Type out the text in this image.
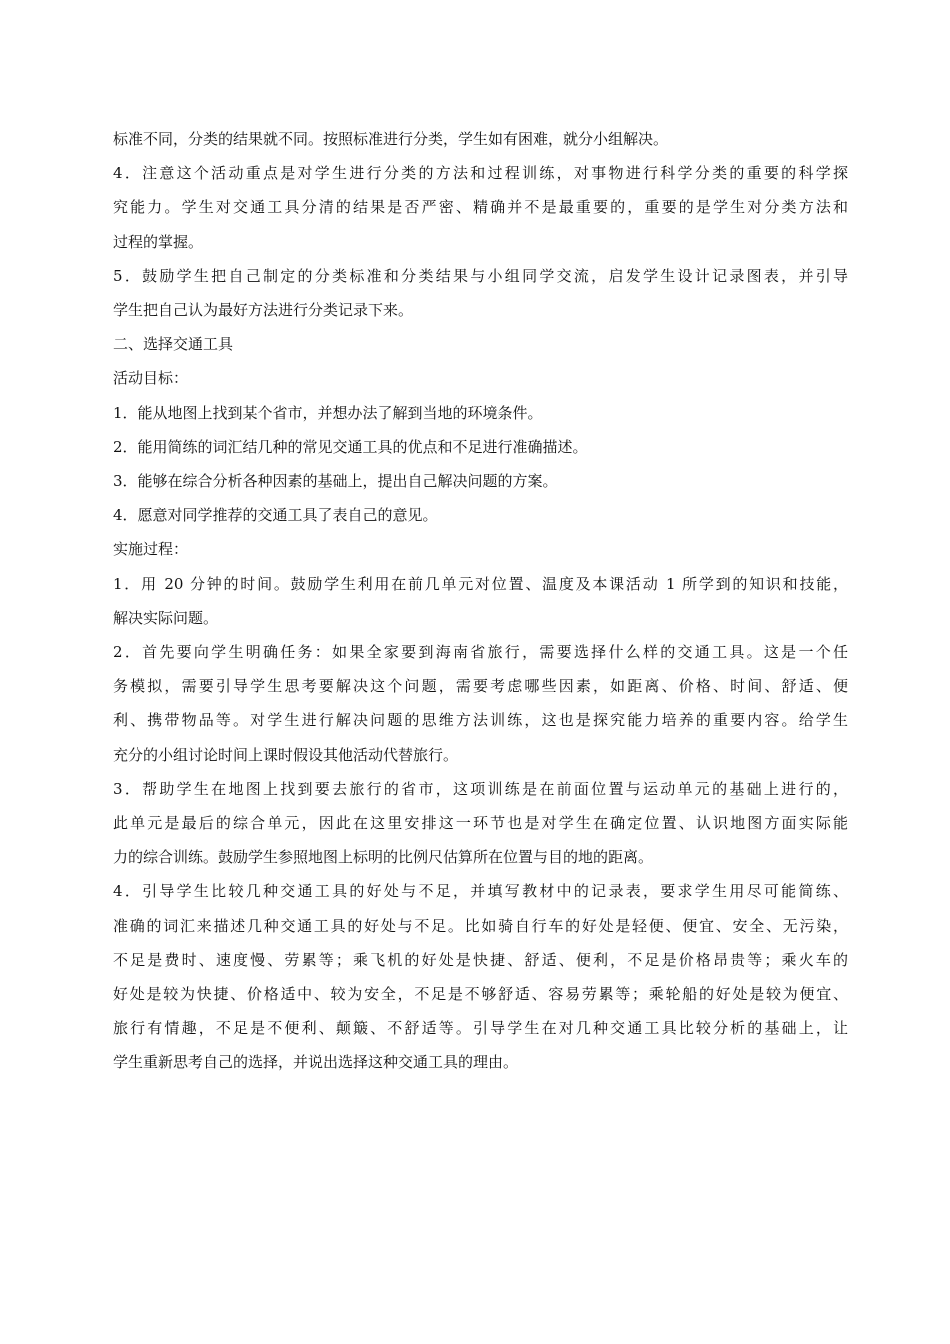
标准不同，分类的结果就不同。按照标准进行分类，学生如有困难，就分小组解决。
4．注意这个活动重点是对学生进行分类的方法和过程训练，对事物进行科学分类的重要的科学探
究能力。学生对交通工具分清的结果是否严密、精确并不是最重要的，重要的是学生对分类方法和
过程的掌握。
5．鼓励学生把自己制定的分类标准和分类结果与小组同学交流，启发学生设计记录图表，并引导
学生把自己认为最好方法进行分类记录下来。
二、选择交通工具
活动目标：
1．能从地图上找到某个省市，并想办法了解到当地的环境条件。
2．能用简练的词汇结几种的常见交通工具的优点和不足进行准确描述。
3．能够在综合分析各种因素的基础上，提出自己解决问题的方案。
4．愿意对同学推荐的交通工具了表自己的意见。
实施过程：
1．用 20 分钟的时间。鼓励学生利用在前几单元对位置、温度及本课活动 1 所学到的知识和技能，
解决实际问题。
2．首先要向学生明确任务：如果全家要到海南省旅行，需要选择什么样的交通工具。这是一个任
务模拟，需要引导学生思考要解决这个问题，需要考虑哪些因素，如距离、价格、时间、舒适、便
利、携带物品等。对学生进行解决问题的思维方法训练，这也是探究能力培养的重要内容。给学生
充分的小组讨论时间上课时假设其他活动代替旅行。
3．帮助学生在地图上找到要去旅行的省市，这项训练是在前面位置与运动单元的基础上进行的，
此单元是最后的综合单元，因此在这里安排这一环节也是对学生在确定位置、认识地图方面实际能
力的综合训练。鼓励学生参照地图上标明的比例尺估算所在位置与目的地的距离。
4．引导学生比较几种交通工具的好处与不足，并填写教材中的记录表，要求学生用尽可能简练、
准确的词汇来描述几种交通工具的好处与不足。比如骑自行车的好处是轻便、便宜、安全、无污染，
不足是费时、速度慢、劳累等；乘飞机的好处是快捷、舒适、便利，不足是价格昂贵等；乘火车的
好处是较为快捷、价格适中、较为安全，不足是不够舒适、容易劳累等；乘轮船的好处是较为便宜、
旅行有情趣，不足是不便利、颠簸、不舒适等。引导学生在对几种交通工具比较分析的基础上，让
学生重新思考自己的选择，并说出选择这种交通工具的理由。
